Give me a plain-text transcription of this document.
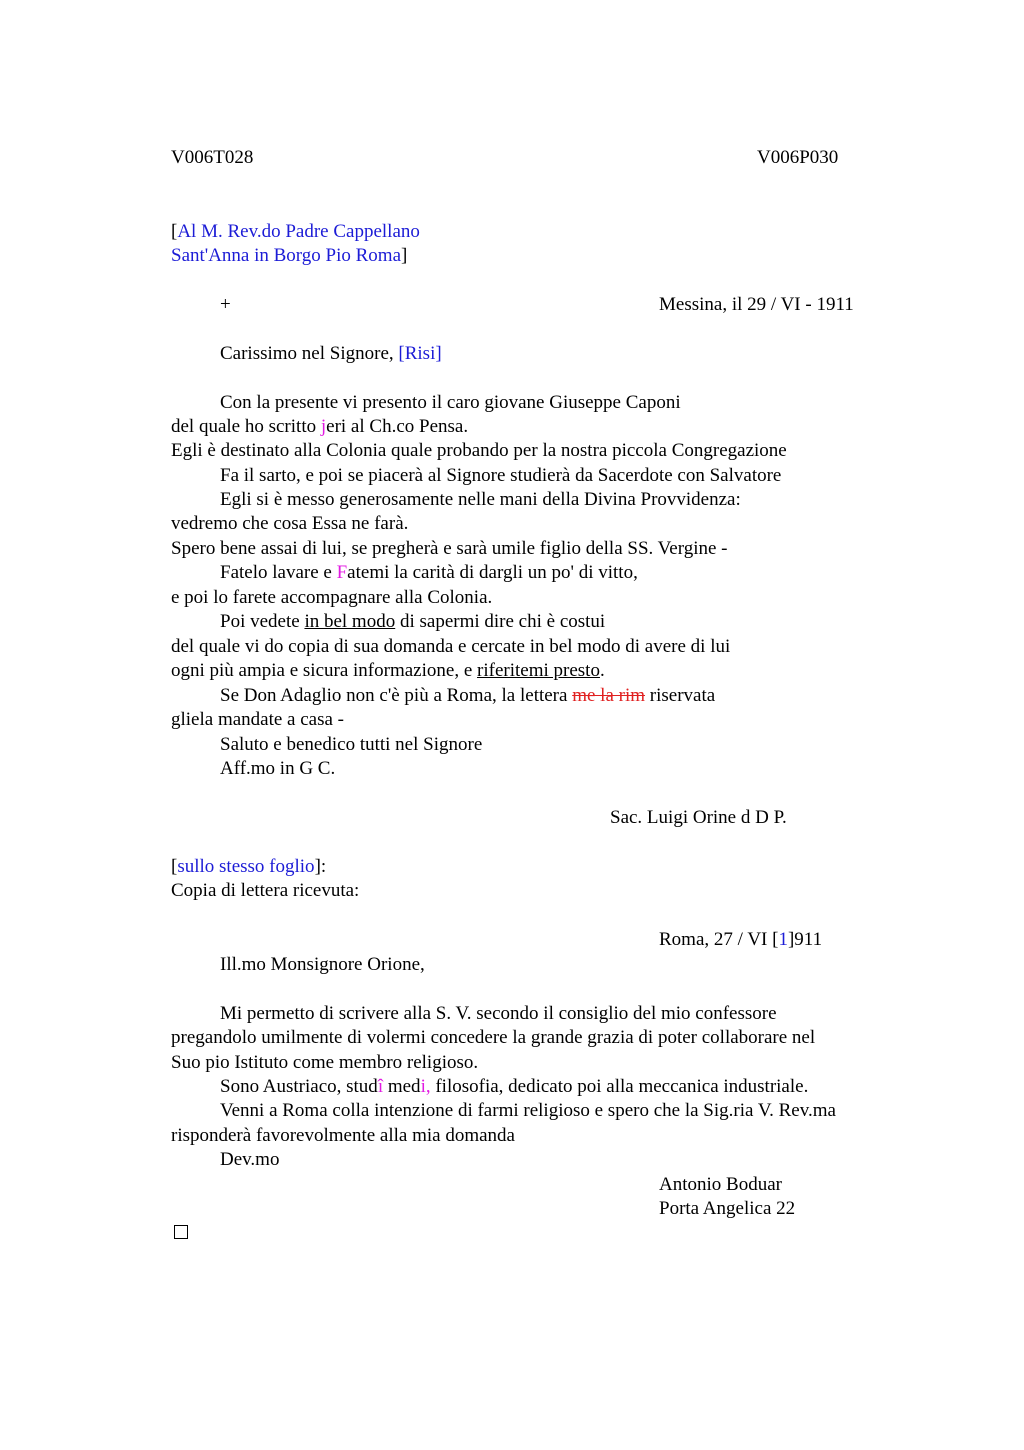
V006T028	V006P030
[Al M. Rev.do Padre Cappellano
Sant'Anna in Borgo Pio Roma]
+	Messina, il 29 / VI - 1911
Carissimo nel Signore, [Risi]
Con la presente vi presento il caro giovane Giuseppe Caponi
del quale ho scritto jeri al Ch.co Pensa.
Egli è destinato alla Colonia quale probando per la nostra piccola Congregazione
Fa il sarto, e poi se piacerà al Signore studierà da Sacerdote con Salvatore
Egli si è messo generosamente nelle mani della Divina Provvidenza:
vedremo che cosa Essa ne farà.
Spero bene assai di lui, se pregherà e sarà umile figlio della SS. Vergine -
Fatelo lavare e Fatemi la carità di dargli un po' di vitto,
e poi lo farete accompagnare alla Colonia.
Poi vedete in bel modo di sapermi dire chi è costui
del quale vi do copia di sua domanda e cercate in bel modo di avere di lui
ogni più ampia e sicura informazione, e riferitemi presto.
Se Don Adaglio non c'è più a Roma, la lettera me la rim riservata
gliela mandate a casa -
Saluto e benedico tutti nel Signore
Aff.mo in G C.
Sac. Luigi Orine d D P.
[sullo stesso foglio]:
Copia di lettera ricevuta:
Roma, 27 / VI [1]911
Ill.mo Monsignore Orione,
Mi permetto di scrivere alla S. V. secondo il consiglio del mio confessore
pregandolo umilmente di volermi concedere la grande grazia di poter collaborare nel
Suo pio Istituto come membro religioso.
Sono Austriaco, studî medi, filosofia, dedicato poi alla meccanica industriale.
Venni a Roma colla intenzione di farmi religioso e spero che la Sig.ria V. Rev.ma
risponderà favorevolmente alla mia domanda
Dev.mo
Antonio Boduar
Porta Angelica 22
